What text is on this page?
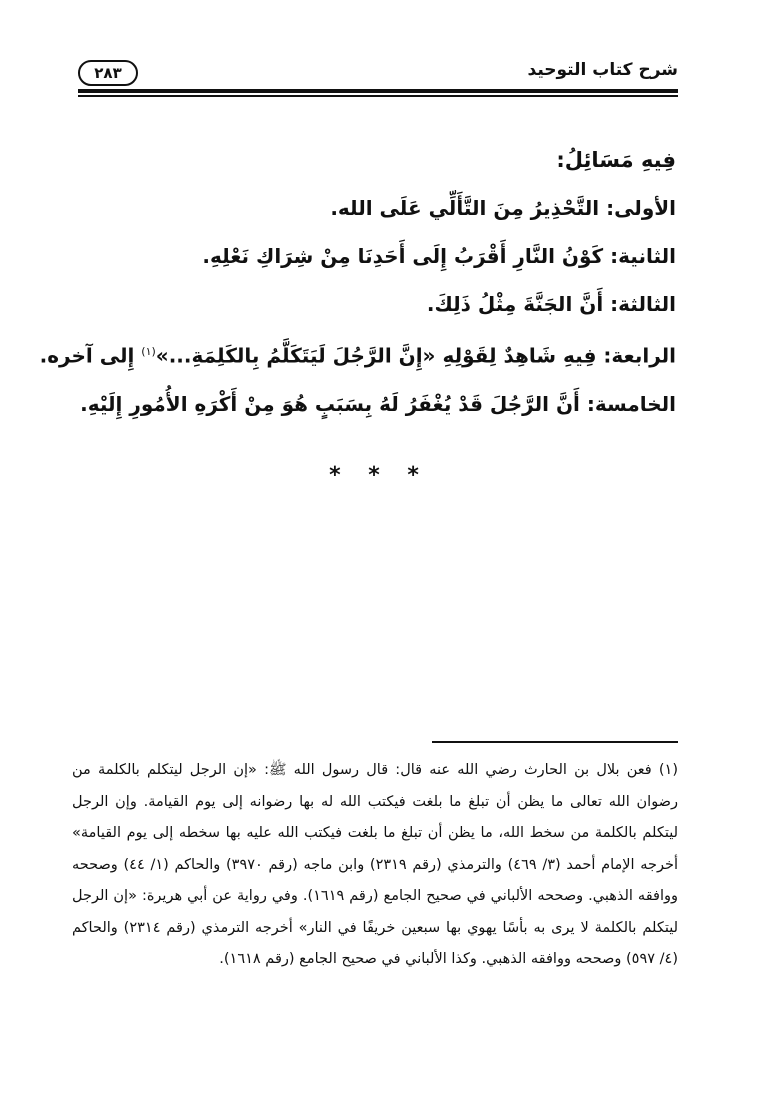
شرح كتاب التوحيد
٢٨٣
فِيهِ مَسَائِلُ:
الأولى: التَّحْذِيرُ مِنَ التَّأَلِّي عَلَى الله.
الثانية: كَوْنُ النَّارِ أَقْرَبُ إِلَى أَحَدِنَا مِنْ شِرَاكِ نَعْلِهِ.
الثالثة: أَنَّ الجَنَّةَ مِثْلُ ذَلِكَ.
الرابعة: فِيهِ شَاهِدٌ لِقَوْلِهِ «إِنَّ الرَّجُلَ لَيَتَكَلَّمُ بِالكَلِمَةِ...»$^{(١)}$ إِلى آخره.
الخامسة: أَنَّ الرَّجُلَ قَدْ يُغْفَرُ لَهُ بِسَبَبٍ هُوَ مِنْ أَكْرَهِ الأُمُورِ إِلَيْهِ.
* * *
(١) فعن بلال بن الحارث رضي الله عنه قال: قال رسول الله ﷺ: «إن الرجل ليتكلم بالكلمة من رضوان الله تعالى ما يظن أن تبلغ ما بلغت فيكتب الله له بها رضوانه إلى يوم القيامة. وإن الرجل ليتكلم بالكلمة من سخط الله، ما يظن أن تبلغ ما بلغت فيكتب الله عليه بها سخطه إلى يوم القيامة» أخرجه الإمام أحمد (٣/ ٤٦٩) والترمذي (رقم ٢٣١٩) وابن ماجه (رقم ٣٩٧٠) والحاكم (١/ ٤٤) وصححه ووافقه الذهبي. وصححه الألباني في صحيح الجامع (رقم ١٦١٩). وفي رواية عن أبي هريرة: «إن الرجل ليتكلم بالكلمة لا يرى به بأسًا يهوي بها سبعين خريفًا في النار» أخرجه الترمذي (رقم ٢٣١٤) والحاكم (٤/ ٥٩٧) وصححه ووافقه الذهبي. وكذا الألباني في صحيح الجامع (رقم ١٦١٨).
